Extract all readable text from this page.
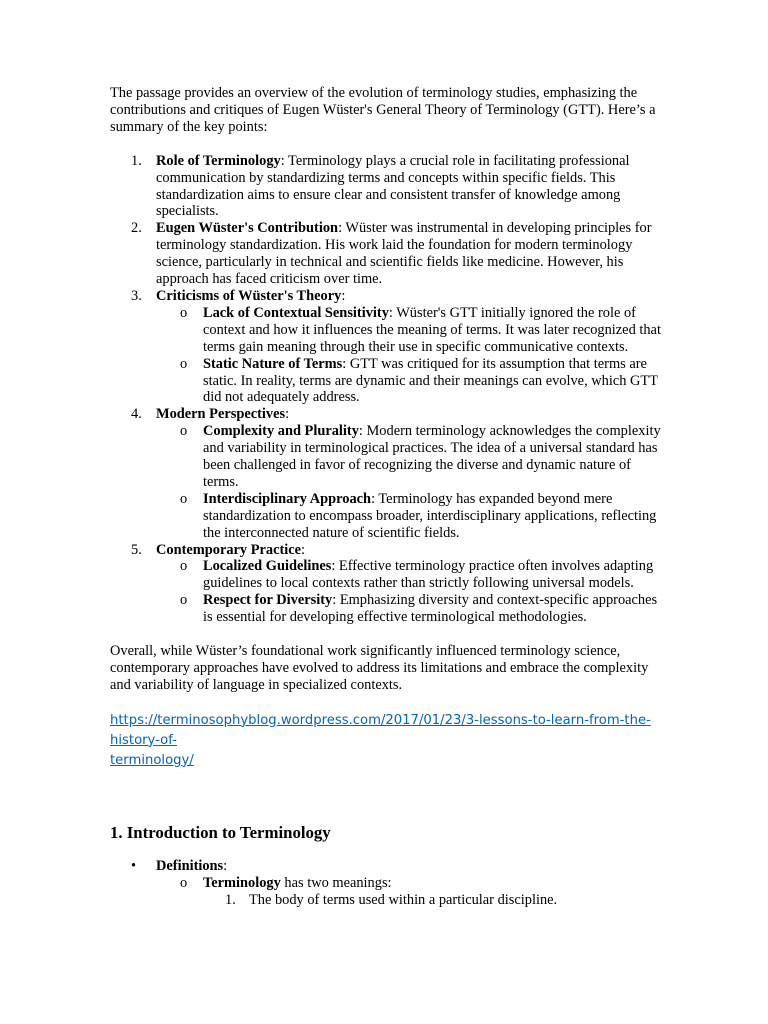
The passage provides an overview of the evolution of terminology studies, emphasizing the contributions and critiques of Eugen Wüster's General Theory of Terminology (GTT). Here’s a summary of the key points:

1. Role of Terminology: Terminology plays a crucial role in facilitating professional communication by standardizing terms and concepts within specific fields. This standardization aims to ensure clear and consistent transfer of knowledge among specialists.
2. Eugen Wüster's Contribution: Wüster was instrumental in developing principles for terminology standardization. His work laid the foundation for modern terminology science, particularly in technical and scientific fields like medicine. However, his approach has faced criticism over time.
3. Criticisms of Wüster's Theory:
o Lack of Contextual Sensitivity: Wüster's GTT initially ignored the role of context and how it influences the meaning of terms. It was later recognized that terms gain meaning through their use in specific communicative contexts.
o Static Nature of Terms: GTT was critiqued for its assumption that terms are static. In reality, terms are dynamic and their meanings can evolve, which GTT did not adequately address.
4. Modern Perspectives:
o Complexity and Plurality: Modern terminology acknowledges the complexity and variability in terminological practices. The idea of a universal standard has been challenged in favor of recognizing the diverse and dynamic nature of terms.
o Interdisciplinary Approach: Terminology has expanded beyond mere standardization to encompass broader, interdisciplinary applications, reflecting the interconnected nature of scientific fields.
5. Contemporary Practice:
o Localized Guidelines: Effective terminology practice often involves adapting guidelines to local contexts rather than strictly following universal models.
o Respect for Diversity: Emphasizing diversity and context-specific approaches is essential for developing effective terminological methodologies.

Overall, while Wüster’s foundational work significantly influenced terminology science, contemporary approaches have evolved to address its limitations and embrace the complexity and variability of language in specialized contexts.

https://terminosophyblog.wordpress.com/2017/01/23/3-lessons-to-learn-from-the-history-of-
terminology/

1. Introduction to Terminology

• Definitions:
o Terminology has two meanings:
1. The body of terms used within a particular discipline.
